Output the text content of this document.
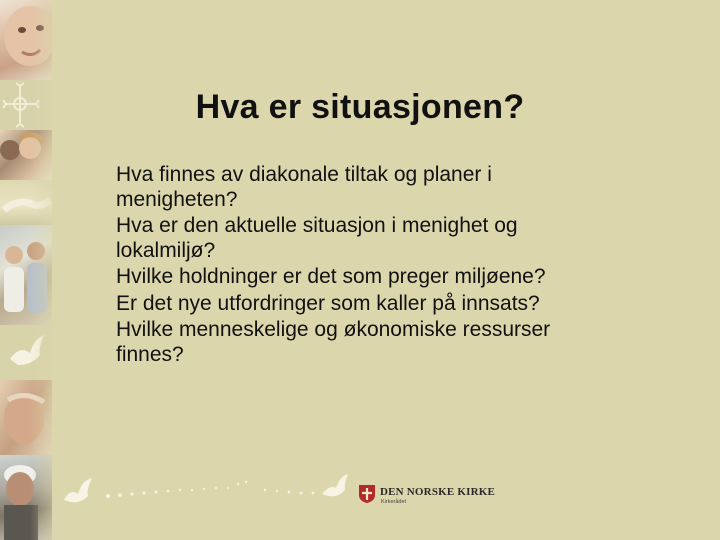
Hva er situasjonen?
Hva finnes av diakonale tiltak og planer i menigheten?
Hva er den aktuelle situasjon i menighet og lokalmiljø?
Hvilke holdninger er det som preger miljøene?
Er det nye utfordringer som kaller på innsats?
Hvilke menneskelige og økonomiske ressurser finnes?
DEN NORSKE KIRKE
Kirkerådet
